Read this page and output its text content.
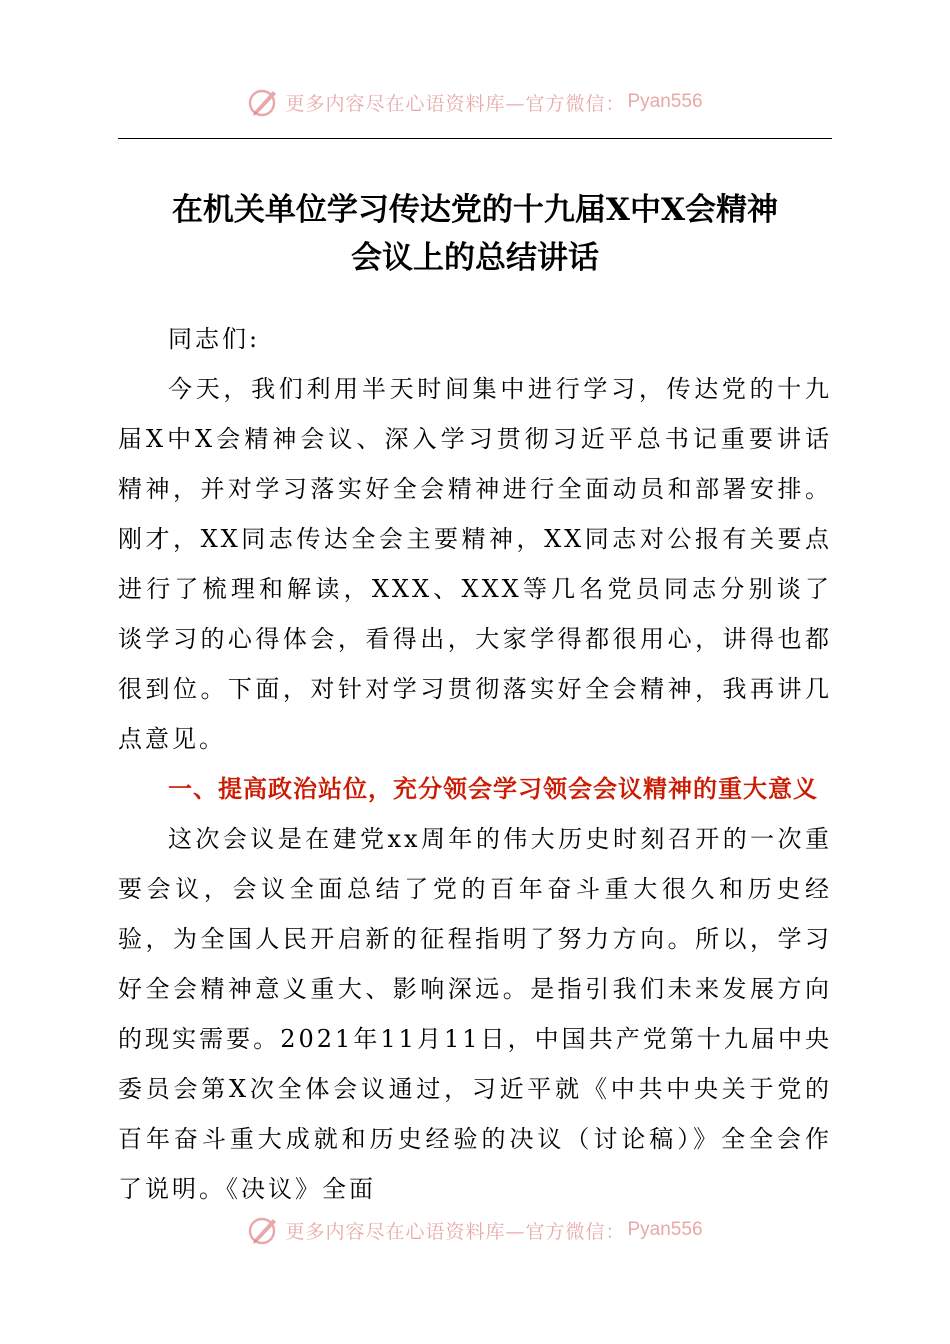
更多内容尽在心语资料库—官方微信： Pyan556
在机关单位学习传达党的十九届X中X会精神
会议上的总结讲话

同志们:

今天，我们利用半天时间集中进行学习，传达党的十九届X中X会精神会议、深入学习贯彻习近平总书记重要讲话精神，并对学习落实好全会精神进行全面动员和部署安排。刚才，XX同志传达全会主要精神，XX同志对公报有关要点进行了梳理和解读，XXX、XXX等几名党员同志分别谈了谈学习的心得体会，看得出，大家学得都很用心，讲得也都很到位。下面，对针对学习贯彻落实好全会精神，我再讲几点意见。

一、提高政治站位，充分领会学习领会会议精神的重大意义

这次会议是在建党xx周年的伟大历史时刻召开的一次重要会议，会议全面总结了党的百年奋斗重大很久和历史经验，为全国人民开启新的征程指明了努力方向。所以，学习好全会精神意义重大、影响深远。是指引我们未来发展方向的现实需要。2021年11月11日，中国共产党第十九届中央委员会第X次全体会议通过，习近平就《中共中央关于党的百年奋斗重大成就和历史经验的决议（讨论稿）》全全会作了说明。《决议》全面

更多内容尽在心语资料库—官方微信： Pyan556
